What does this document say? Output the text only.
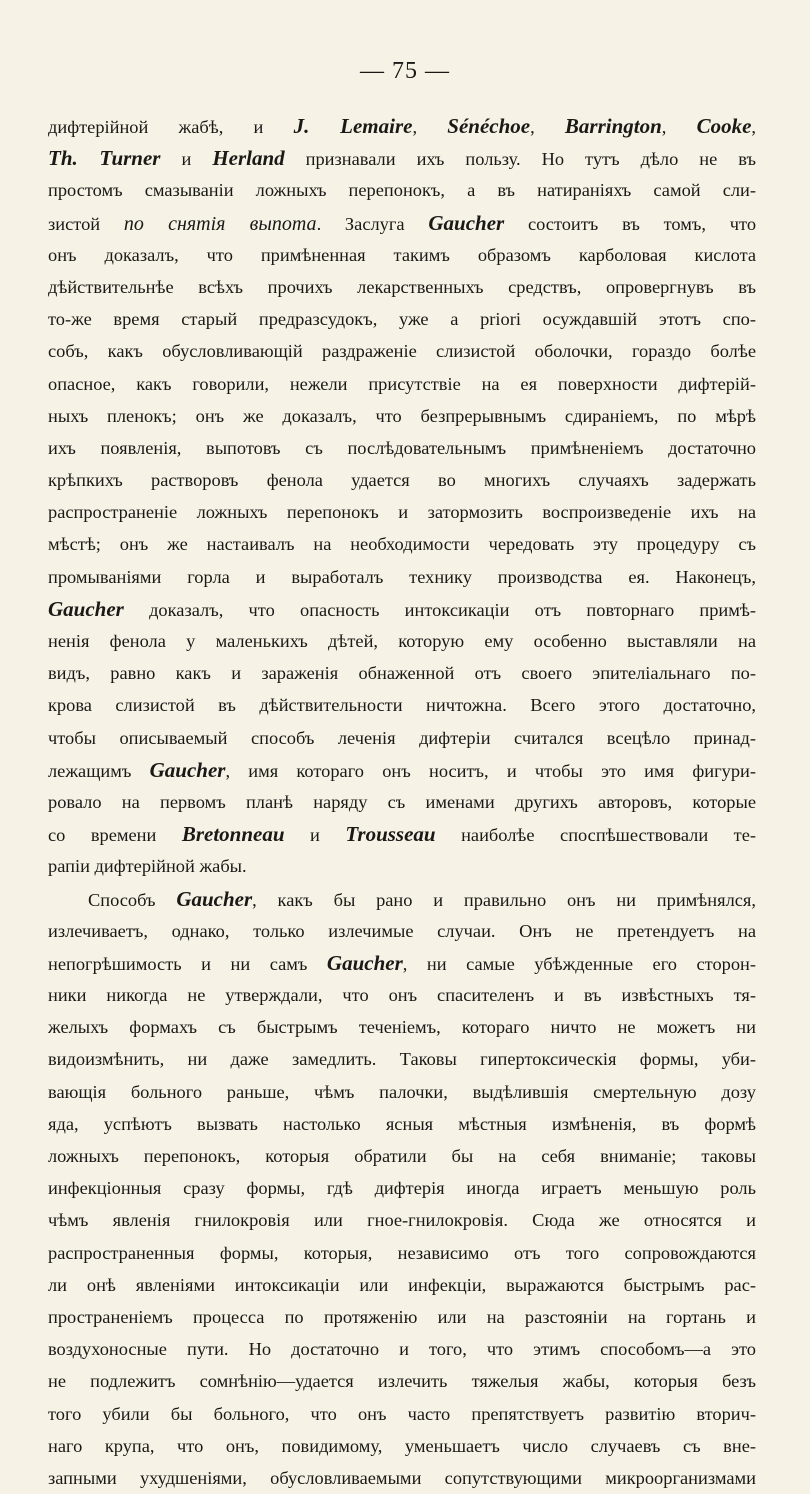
— 75 —
дифтерійной жабѣ, и J. Lemaire, Sénéchoe, Barrington, Cooke,
Th. Turner и Herland признавали ихъ пользу. Но тутъ дѣло не въ
простомъ смазываніи ложныхъ перепонокъ, а въ натираніяхъ самой сли-
зистой по снятія выпота. Заслуга Gaucher состоитъ въ томъ, что
онъ доказалъ, что примѣненная такимъ образомъ карболовая кислота
дѣйствительнѣе всѣхъ прочихъ лекарственныхъ средствъ, опровергнувъ въ
то-же время старый предразсудокъ, уже а priori осуждавшій этотъ спо-
собъ, какъ обусловливающій раздраженіе слизистой оболочки, гораздо болѣе
опасное, какъ говорили, нежели присутствіе на ея поверхности дифтерій-
ныхъ пленокъ; онъ же доказалъ, что безпрерывнымъ сдираніемъ, по мѣрѣ
ихъ появленія, выпотовъ съ послѣдовательнымъ примѣненіемъ достаточно
крѣпкихъ растворовъ фенола удается во многихъ случаяхъ задержать
распространеніе ложныхъ перепонокъ и затормозить воспроизведеніе ихъ на
мѣстѣ; онъ же настаивалъ на необходимости чередовать эту процедуру съ
промываніями горла и выработалъ технику производства ея. Наконецъ,
Gaucher доказалъ, что опасность интоксикаціи отъ повторнаго примѣ-
ненія фенола у маленькихъ дѣтей, которую ему особенно выставляли на
видъ, равно какъ и зараженія обнаженной отъ своего эпителіальнаго по-
крова слизистой въ дѣйствительности ничтожна. Всего этого достаточно,
чтобы описываемый способъ леченія дифтеріи считался всецѣло принад-
лежащимъ Gaucher, имя котораго онъ носитъ, и чтобы это имя фигури-
ровало на первомъ планѣ наряду съ именами другихъ авторовъ, которые
со времени Bretonneau и Trousseau наиболѣе споспѣшествовали те-
рапіи дифтерійной жабы.
Способъ Gaucher, какъ бы рано и правильно онъ ни примѣнялся,
излечиваетъ, однако, только излечимые случаи. Онъ не претендуетъ на
непогрѣшимость и ни самъ Gaucher, ни самые убѣжденные его сторон-
ники никогда не утверждали, что онъ спасителенъ и въ извѣстныхъ тя-
желыхъ формахъ съ быстрымъ теченіемъ, котораго ничто не можетъ ни
видоизмѣнить, ни даже замедлить. Таковы гипертоксическія формы, уби-
вающія больного раньше, чѣмъ палочки, выдѣлившія смертельную дозу
яда, успѣютъ вызвать настолько ясныя мѣстныя измѣненія, въ формѣ
ложныхъ перепонокъ, которыя обратили бы на себя вниманіе; таковы
инфекціонныя сразу формы, гдѣ дифтерія иногда играетъ меньшую роль
чѣмъ явленія гнилокровія или гное-гнилокровія. Сюда же относятся и
распространенныя формы, которыя, независимо отъ того сопровождаются
ли онѣ явленіями интоксикаціи или инфекціи, выражаются быстрымъ рас-
пространеніемъ процесса по протяженію или на разстояніи на гортань и
воздухоносные пути. Но достаточно и того, что этимъ способомъ—а это
не подлежитъ сомнѣнію—удается излечить тяжелыя жабы, которыя безъ
того убили бы больного, что онъ часто препятствуетъ развитію вторич-
наго крупа, что онъ, повидимому, уменьшаетъ число случаевъ съ вне-
запными ухудшеніями, обусловливаемыми сопутствующими микроорганизмами
